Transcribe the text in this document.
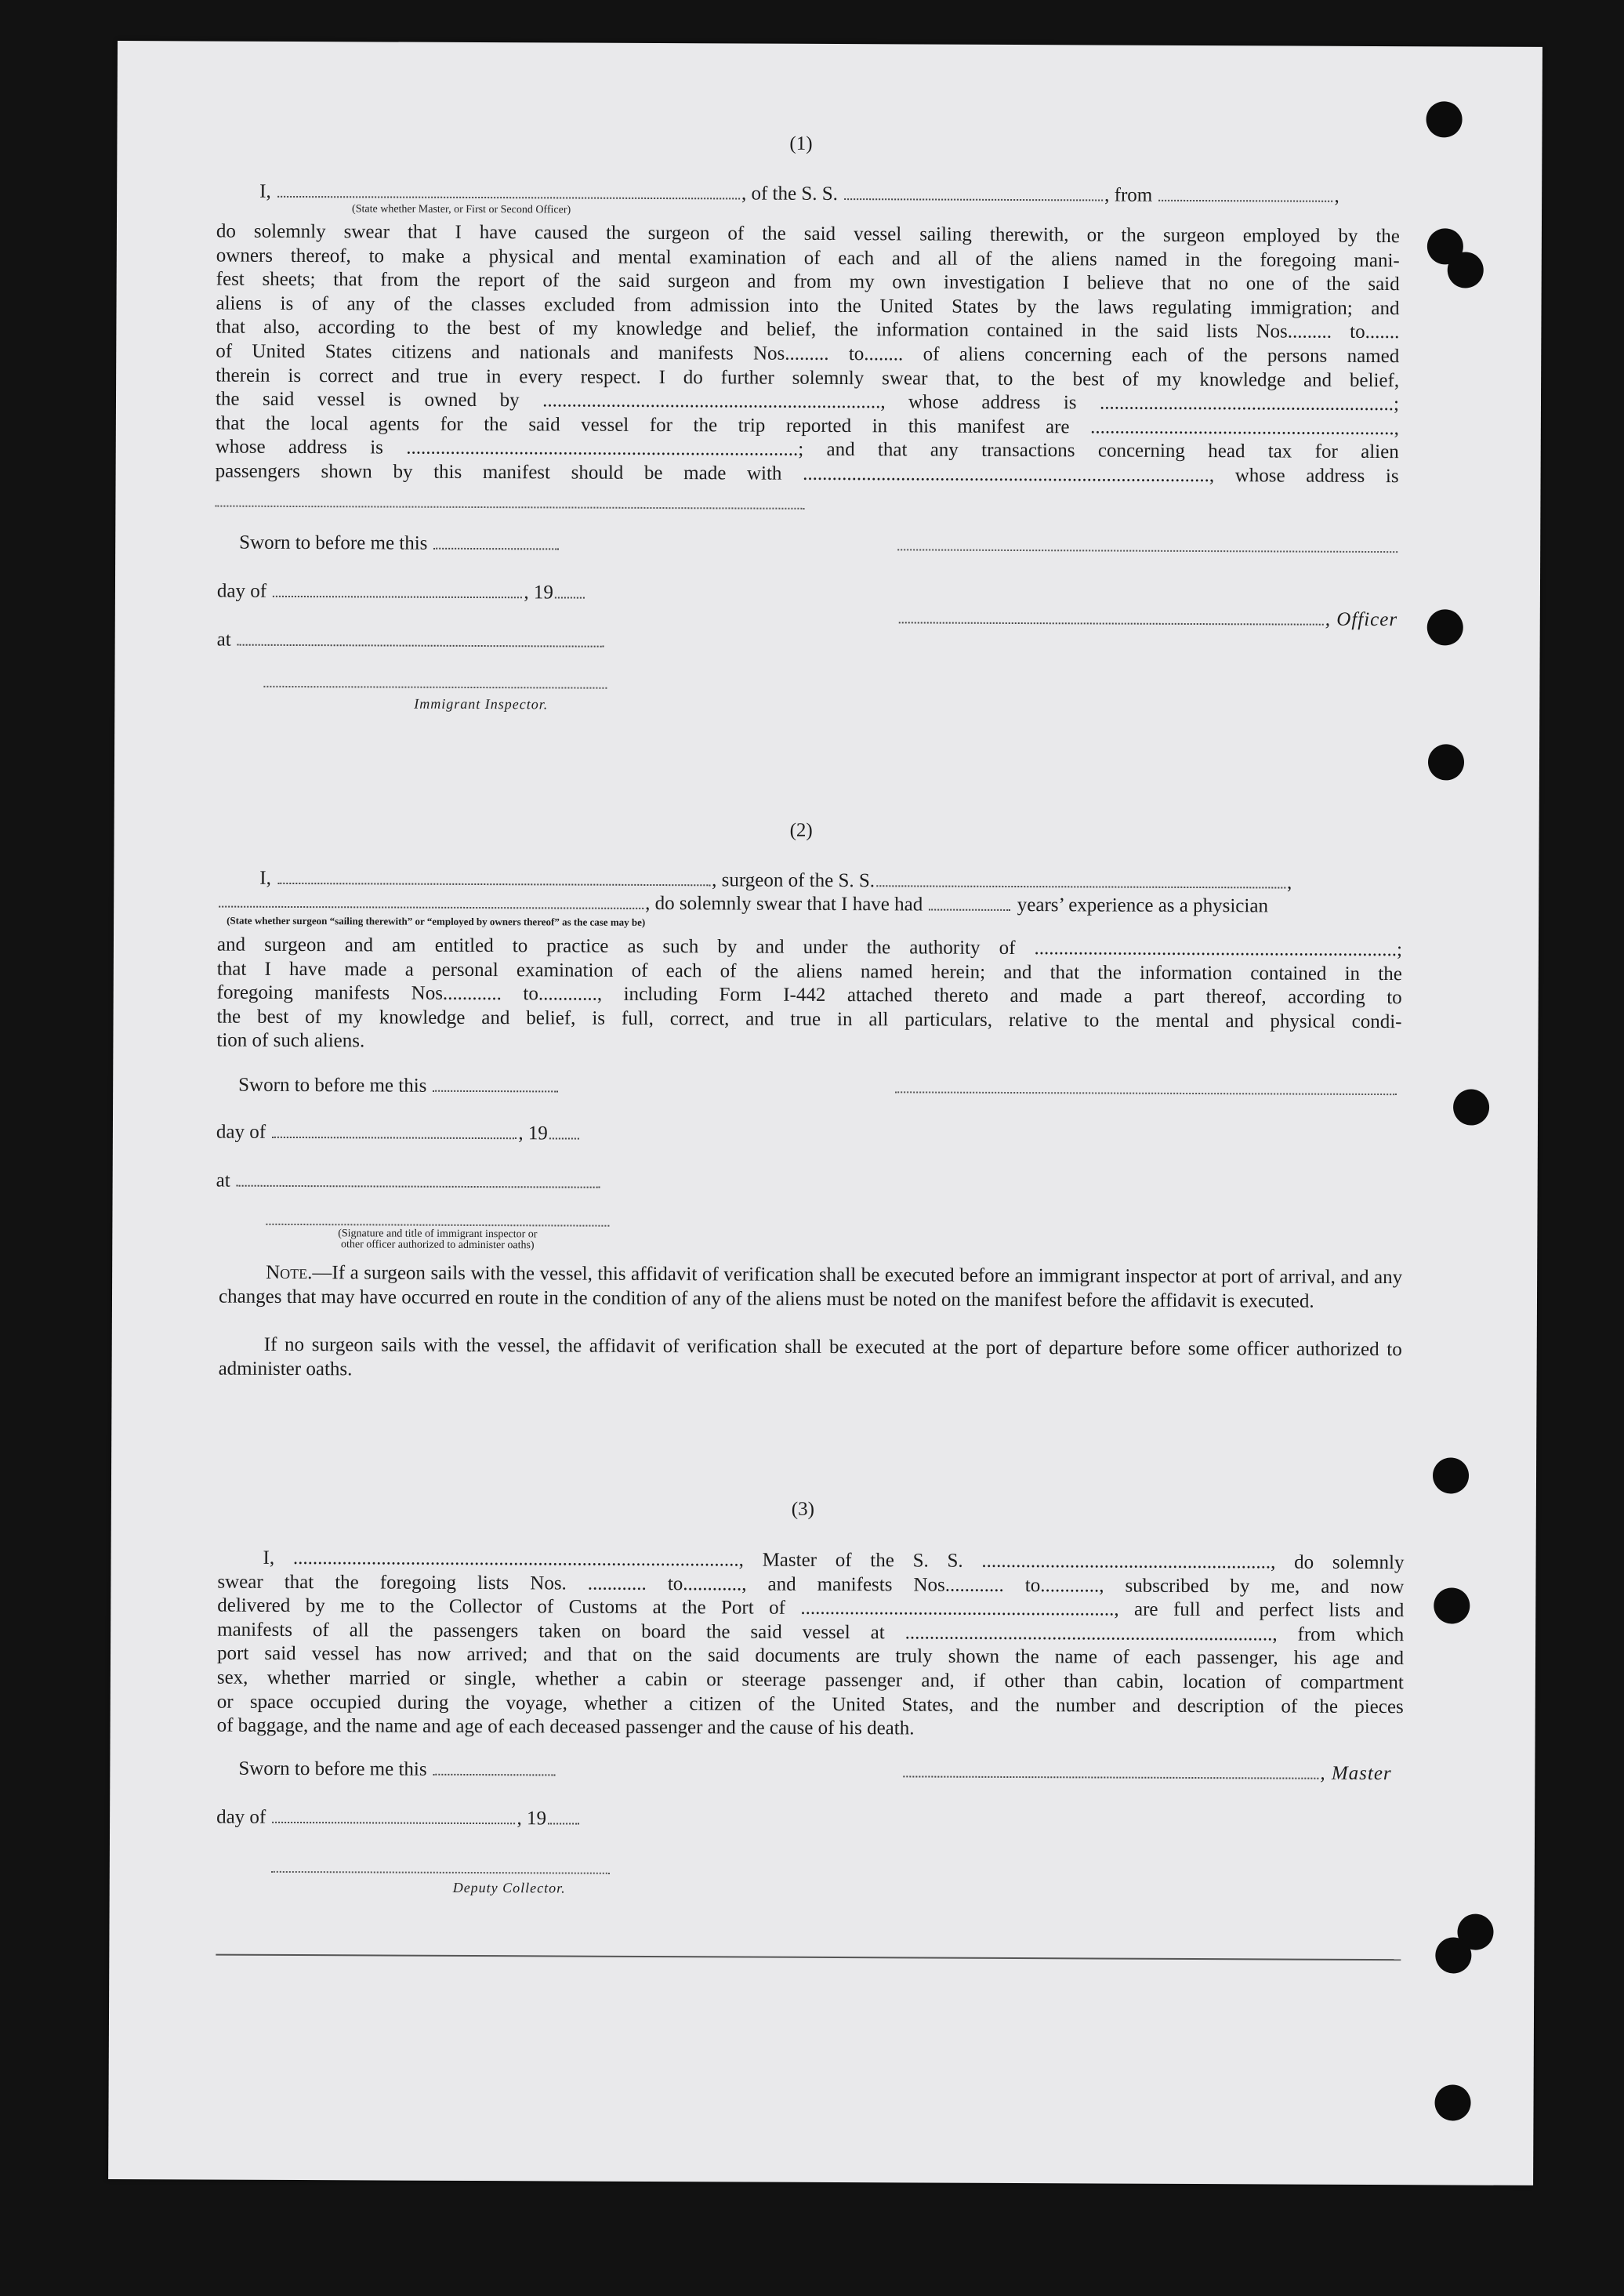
(1)
I,	, of the S. S.	, from	,
(State whether Master, or First or Second Officer)
do solemnly swear that I have caused the surgeon of the said vessel sailing therewith, or the surgeon employed by the
owners thereof, to make a physical and mental examination of each and all of the aliens named in the foregoing mani-
fest sheets; that from the report of the said surgeon and from my own investigation I believe that no one of the said
aliens is of any of the classes excluded from admission into the United States by the laws regulating immigration; and
that also, according to the best of my knowledge and belief, the information contained in the said lists Nos......... to.......
of United States citizens and nationals and manifests Nos......... to........ of aliens concerning each of the persons named
therein is correct and true in every respect. I do further solemnly swear that, to the best of my knowledge and belief,
the said vessel is owned by ....................................................................., whose address is ............................................................;
that the local agents for the said vessel for the trip reported in this manifest are ..............................................................,
whose address is ................................................................................; and that any transactions concerning head tax for alien
passengers shown by this manifest should be made with ..................................................................................., whose address is
Sworn to before me this
day of	, 19
at
Immigrant Inspector.
, Officer
(2)
I,	, surgeon of the S. S.	,
, do solemnly swear that I have had	years’ experience as a physician
(State whether surgeon “sailing therewith” or “employed by owners thereof” as the case may be)
and surgeon and am entitled to practice as such by and under the authority of ..........................................................................;
that I have made a personal examination of each of the aliens named herein; and that the information contained in the
foregoing manifests Nos............ to............, including Form I-442 attached thereto and made a part thereof, according to
the best of my knowledge and belief, is full, correct, and true in all particulars, relative to the mental and physical condi-
tion of such aliens.
Sworn to before me this
day of	, 19
at
(Signature and title of immigrant inspector or
other officer authorized to administer oaths)
Note.—If a surgeon sails with the vessel, this affidavit of verification shall be executed before an immigrant inspector at port of arrival, and any changes that may have occurred en route in the condition of any of the aliens must be noted on the manifest before the affidavit is executed.
If no surgeon sails with the vessel, the affidavit of verification shall be executed at the port of departure before some officer authorized to administer oaths.
(3)
I, ..........................................................................................., Master of the S. S. ..........................................................., do solemnly
swear that the foregoing lists Nos. ............ to............, and manifests Nos............ to............, subscribed by me, and now
delivered by me to the Collector of Customs at the Port of ................................................................, are full and perfect lists and
manifests of all the passengers taken on board the said vessel at ..........................................................................., from which
port said vessel has now arrived; and that on the said documents are truly shown the name of each passenger, his age and
sex, whether married or single, whether a cabin or steerage passenger and, if other than cabin, location of compartment
or space occupied during the voyage, whether a citizen of the United States, and the number and description of the pieces
of baggage, and the name and age of each deceased passenger and the cause of his death.
Sworn to before me this
day of	, 19
Deputy Collector.
, Master
